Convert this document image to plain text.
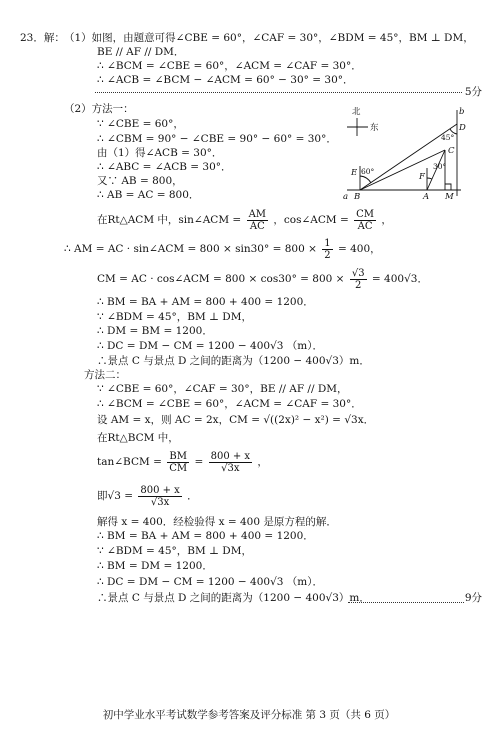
23．解： （1）如图，由题意可得∠CBE = 60°，∠CAF = 30°，∠BDM = 45°，BM ⊥ DM，
BE // AF // DM．
∴ ∠BCM = ∠CBE = 60°，∠ACM = ∠CAF = 30°．
∴ ∠ACB = ∠BCM − ∠ACM = 60° − 30° = 30°．
5分
（2）方法一：
∵ ∠CBE = 60°，
∴ ∠CBM = 90° − ∠CBE = 90° − 60° = 30°．
由（1）得∠ACB = 30°．
∴ ∠ABC = ∠ACB = 30°．
又∵ AB = 800，
∴ AB = AC = 800．
在Rt△ACM 中，sin∠ACM = $\frac{AM}{AC}$ ，cos∠ACM = $\frac{CM}{AC}$ ，
∴ AM = AC · sin∠ACM = $800 \times \sin 30^\circ = 800 \times \frac{1}{2} = 400$，
CM = AC · cos∠ACM = $800 \times \cos 30^\circ = 800 \times \frac{√3}{2} = 400√3$．
∴ BM = BA + AM = 800 + 400 = 1200．
∵ ∠BDM = 45°，BM ⊥ DM，
∴ DM = BM = 1200．
∴ DC = DM − CM = 1200 − 400√3 （m）．
∴景点 C 与景点 D 之间的距离为（1200 − 400√3）m．
方法二：
∵ ∠CBE = 60°，∠CAF = 30°，BE // AF // DM，
∴ ∠BCM = ∠CBE = 60°，∠ACM = ∠CAF = 30°．
设 AM = x，则 AC = 2x，CM = √((2x)² − x²) = √3x．
在Rt△BCM 中，
tan∠BCM = $\frac{BM}{CM} = \frac{800 + x}{√3x}$ ，
即$√3 = \frac{800 + x}{√3x}$ ．
解得 x = 400．经检验得 x = 400 是原方程的解．
∴ BM = BA + AM = 800 + 400 = 1200．
∵ ∠BDM = 45°，BM ⊥ DM，
∴ BM = DM = 1200．
∴ DC = DM − CM = 1200 − 400√3 （m）．
∴景点 C 与景点 D 之间的距离为（1200 − 400√3）m．	9分
北
东
b
D
45°
C
E 60°
30°
F
a B	A M
初中学业水平考试数学参考答案及评分标准 第 3 页（共 6 页）
